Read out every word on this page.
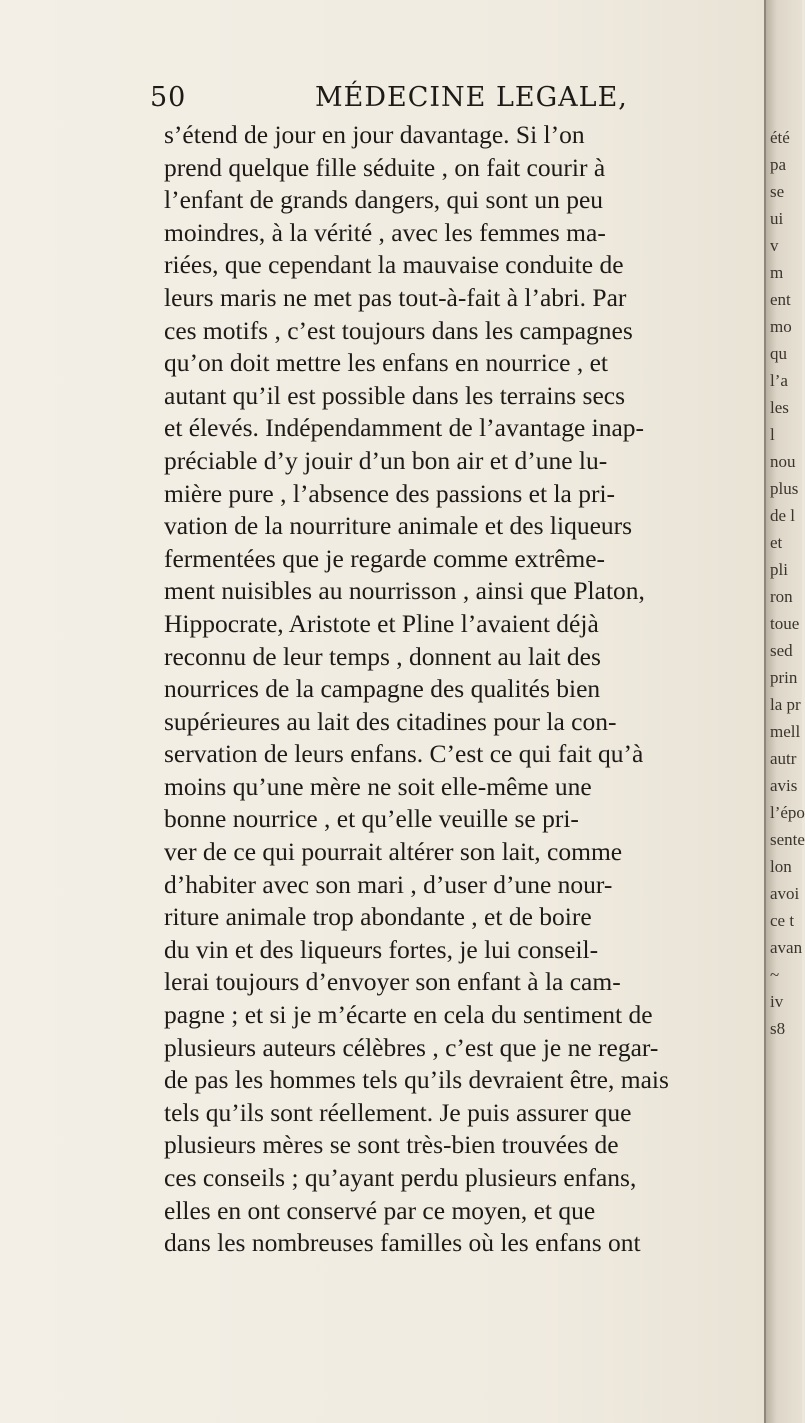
50	MÉDECINE LEGALE,
s’étend de jour en jour davantage. Si l’on
prend quelque fille séduite , on fait courir à
l’enfant de grands dangers, qui sont un peu
moindres, à la vérité , avec les femmes ma-
riées, que cependant la mauvaise conduite de
leurs maris ne met pas tout-à-fait à l’abri. Par
ces motifs , c’est toujours dans les campagnes
qu’on doit mettre les enfans en nourrice , et
autant qu’il est possible dans les terrains secs
et élevés. Indépendamment de l’avantage inap-
préciable d’y jouir d’un bon air et d’une lu-
mière pure , l’absence des passions et la pri-
vation de la nourriture animale et des liqueurs
fermentées que je regarde comme extrême-
ment nuisibles au nourrisson , ainsi que Platon,
Hippocrate, Aristote et Pline l’avaient déjà
reconnu de leur temps , donnent au lait des
nourrices de la campagne des qualités bien
supérieures au lait des citadines pour la con-
servation de leurs enfans. C’est ce qui fait qu’à
moins qu’une mère ne soit elle-même une
bonne nourrice , et qu’elle veuille se pri-
ver de ce qui pourrait altérer son lait, comme
d’habiter avec son mari , d’user d’une nour-
riture animale trop abondante , et de boire
du vin et des liqueurs fortes, je lui conseil-
lerai toujours d’envoyer son enfant à la cam-
pagne ; et si je m’écarte en cela du sentiment de
plusieurs auteurs célèbres , c’est que je ne regar-
de pas les hommes tels qu’ils devraient être, mais
tels qu’ils sont réellement. Je puis assurer que
plusieurs mères se sont très-bien trouvées de
ces conseils ; qu’ayant perdu plusieurs enfans,
elles en ont conservé par ce moyen, et que
dans les nombreuses familles où les enfans ont
été
pa
se
ui
v
m
ent
mo
qu
l’a
les
l
nou
plus
de l
et
pli
ron
toue
sed
prin
la pr
mell
autr
avis
l’épo
sente
lon
avoi
ce t
avan
~
iv
s8
